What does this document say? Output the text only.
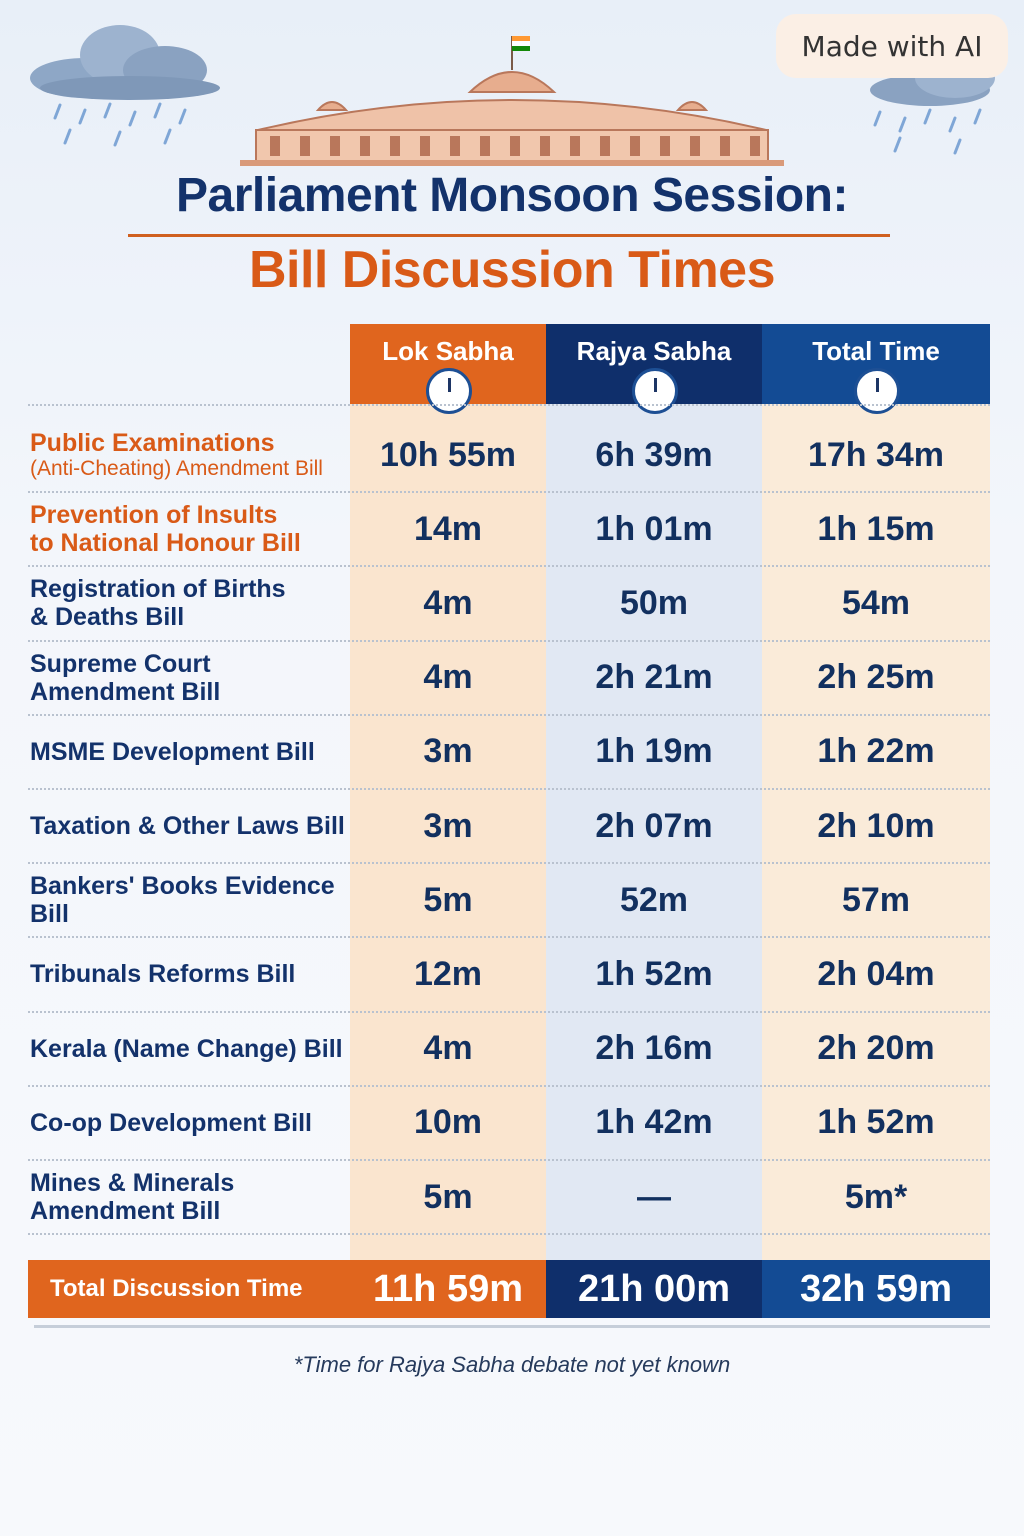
Made with AI
Parliament Monsoon Session:
Bill Discussion Times
Lok Sabha	Rajya Sabha	Total Time
Public Examinations
(Anti-Cheating) Amendment Bill	10h 55m	6h 39m	17h 34m
Prevention of Insults
to National Honour Bill	14m	1h 01m	1h 15m
Registration of Births
& Deaths Bill	4m	50m	54m
Supreme Court Amendment Bill	4m	2h 21m	2h 25m
MSME Development Bill	3m	1h 19m	1h 22m
Taxation & Other Laws Bill	3m	2h 07m	2h 10m
Bankers' Books Evidence Bill	5m	52m	57m
Tribunals Reforms Bill	12m	1h 52m	2h 04m
Kerala (Name Change) Bill	4m	2h 16m	2h 20m
Co-op Development Bill	10m	1h 42m	1h 52m
Mines & Minerals
Amendment Bill	5m	—	5m*
Total Discussion Time	11h 59m	21h 00m	32h 59m
*Time for Rajya Sabha debate not yet known
